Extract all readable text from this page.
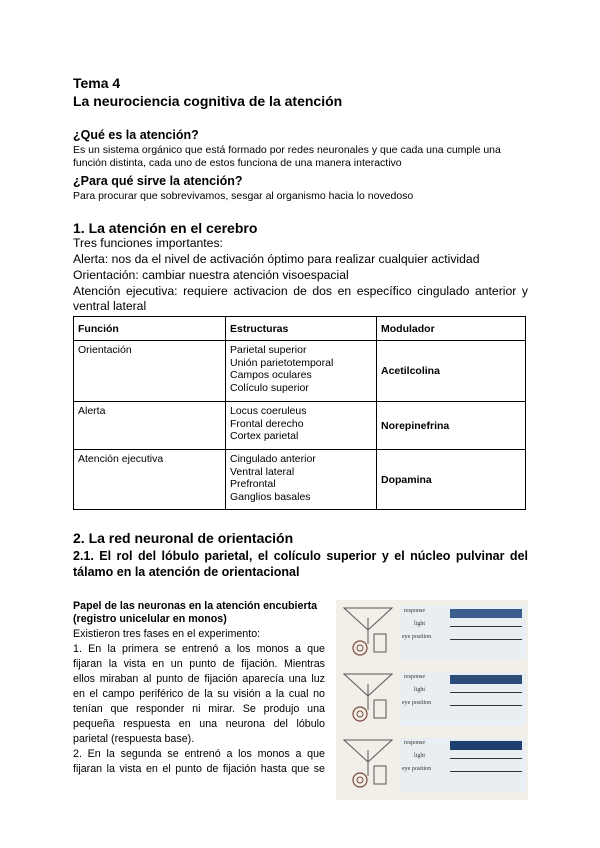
Tema 4
La neurociencia cognitiva de la atención
¿Qué es la atención?
Es un sistema orgánico que está formado por redes neuronales y que cada una cumple una función distinta, cada uno de estos funciona de una manera interactivo
¿Para qué sirve la atención?
Para procurar que sobrevivamos, sesgar al organismo hacia lo novedoso
1. La atención en el cerebro
Tres funciones importantes:
Alerta: nos da el nivel de activación óptimo para realizar cualquier actividad
Orientación: cambiar nuestra atención visoespacial
Atención ejecutiva: requiere activacion de dos en específico cingulado anterior y
ventral lateral
Función	Estructuras	Modulador
Orientación	Parietal superior
Unión parietotemporal
Campos oculares
Colículo superior	Acetilcolina

Alerta	Locus coeruleus
Frontal derecho
Cortex parietal	Norepinefrina

Atención ejecutiva	Cingulado anterior
Ventral lateral
Prefrontal
Ganglios basales	Dopamina
2. La red neuronal de orientación
2.1. El rol del lóbulo parietal, el colículo superior y el núcleo pulvinar del
tálamo en la atención de orientacional
Papel de las neuronas en la atención encubierta
(registro unicelular en monos)
Existieron tres fases en el experimento:
1. En la primera se entrenó a los monos a que
fijaran la vista en un punto de fijación. Mientras
ellos miraban al punto de fijación aparecía una luz
en el campo periférico de la su visión a la cual no
tenían que responder ni mirar. Se produjo una
pequeña respuesta en una neurona del lóbulo
parietal (respuesta base).
2. En la segunda se entrenó a los monos a que
fijaran la vista en el punto de fijación hasta que se
response
light
eye position
response
light
eye position
response
light
eye position
